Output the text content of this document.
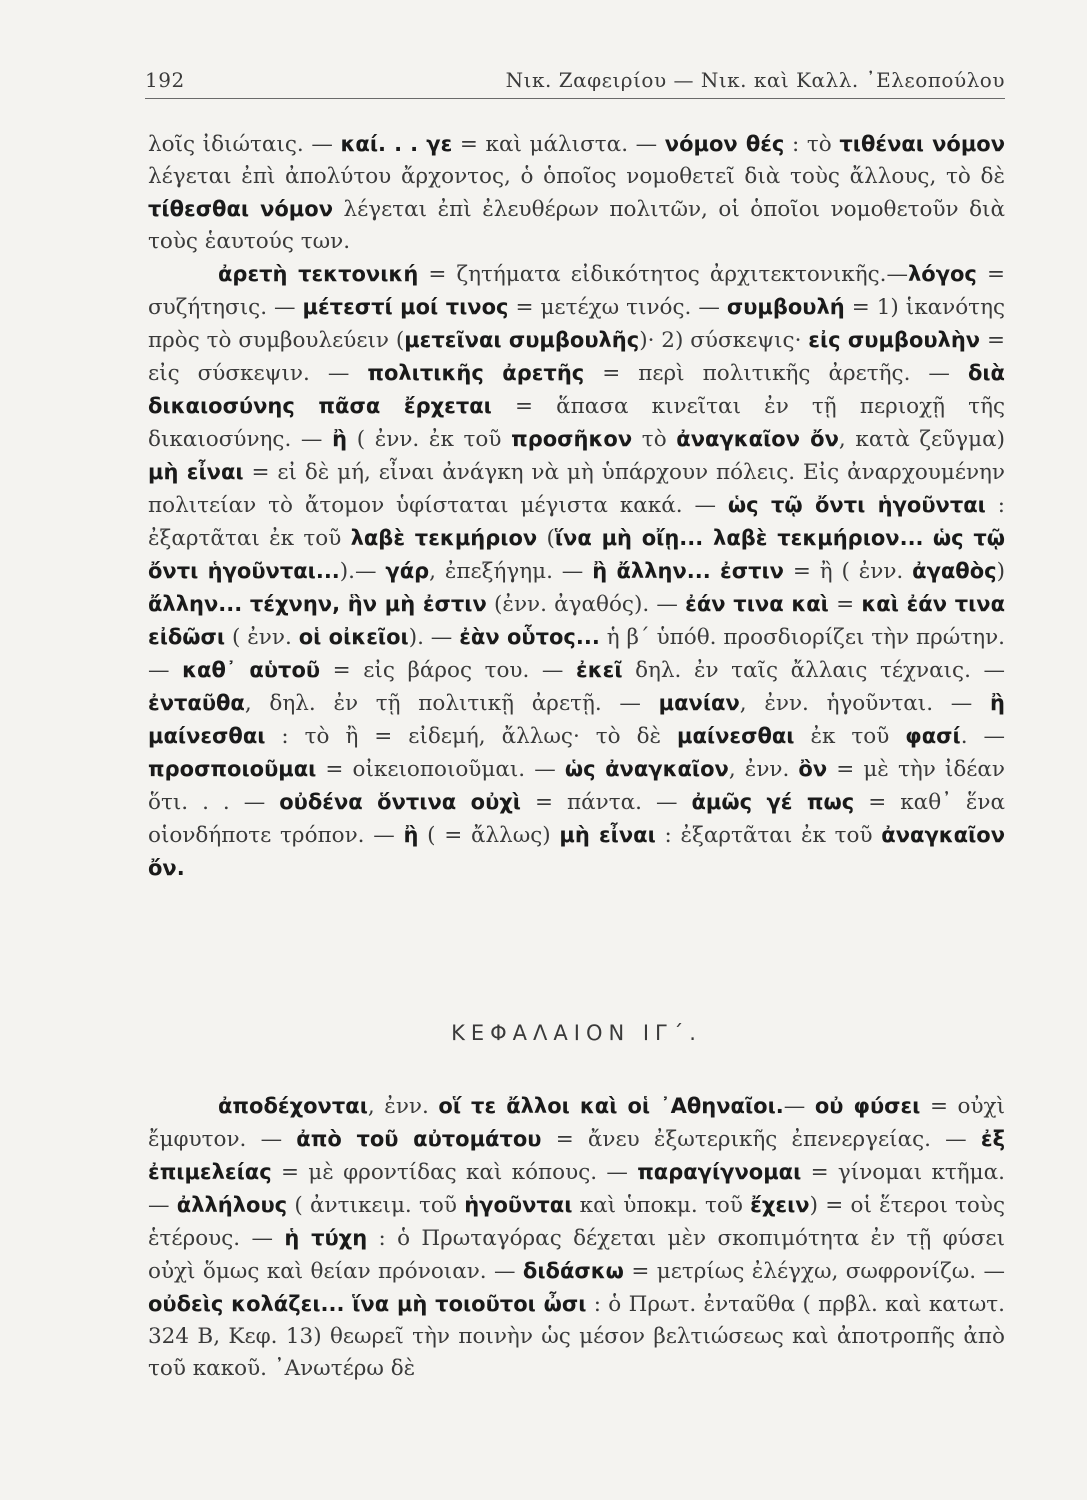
192	Νικ. Ζαφειρίου — Νικ. καὶ Καλλ. ᾿Ελεοπούλου

λοῖς ἰδιώταις. — καί. . . γε = καὶ μάλιστα. — νόμον θές : τὸ τιθέναι νόμον λέγεται ἐπὶ ἀπολύτου ἄρχοντος, ὁ ὁποῖος νομοθετεῖ διὰ τοὺς ἄλλους, τὸ δὲ τίθεσθαι νόμον λέγεται ἐπὶ ἐλευθέρων πολιτῶν, οἱ ὁποῖοι νομοθετοῦν διὰ τοὺς ἑαυτούς των.

ἀρετὴ τεκτονική = ζητήματα εἰδικότητος ἀρχιτεκτονικῆς.—λόγος = συζήτησις. — μέτεστί μοί τινος = μετέχω τινός. — συμβουλή = 1) ἱκανότης πρὸς τὸ συμβουλεύειν (μετεῖναι συμβουλῆς)· 2) σύσκεψις· εἰς συμβουλὴν = εἰς σύσκεψιν. — πολιτικῆς ἀρετῆς = περὶ πολιτικῆς ἀρετῆς. — διὰ δικαιοσύνης πᾶσα ἔρχεται = ἅπασα κινεῖται ἐν τῇ περιοχῇ τῆς δικαιοσύνης. — ἢ ( ἐνν. ἐκ τοῦ προσῆκον τὸ ἀναγκαῖον ὄν, κατὰ ζεῦγμα) μὴ εἶναι = εἰ δὲ μή, εἶναι ἀνάγκη νὰ μὴ ὑπάρχουν πόλεις. Εἰς ἀναρχουμένην πολιτείαν τὸ ἄτομον ὑφίσταται μέγιστα κακά. — ὡς τῷ ὄντι ἡγοῦνται : ἐξαρτᾶται ἐκ τοῦ λαβὲ τεκμήριον (ἵνα μὴ οἴῃ... λαβὲ τεκμήριον... ὡς τῷ ὄντι ἡγοῦνται...).— γάρ, ἐπεξήγημ. — ἢ ἄλλην... ἐστιν = ἢ ( ἐνν. ἀγαθὸς) ἄλλην... τέχνην, ἣν μὴ ἐστιν (ἐνν. ἀγαθός). — ἐάν τινα καὶ = καὶ ἐάν τινα εἰδῶσι ( ἐνν. οἱ οἰκεῖοι). — ἐὰν οὗτος... ἡ β΄ ὑπόθ. προσδιορίζει τὴν πρώτην. — καθ᾿ αὑτοῦ = εἰς βάρος του. — ἐκεῖ δηλ. ἐν ταῖς ἄλλαις τέχναις. — ἐνταῦθα, δηλ. ἐν τῇ πολιτικῇ ἀρετῇ. — μανίαν, ἐνν. ἡγοῦνται. — ἢ μαίνεσθαι : τὸ ἢ = εἰδεμή, ἄλλως· τὸ δὲ μαίνεσθαι ἐκ τοῦ φασί. — προσποιοῦμαι = οἰκειοποιοῦμαι. — ὡς ἀναγκαῖον, ἐνν. ὂν = μὲ τὴν ἰδέαν ὅτι. . . — οὐδένα ὅντινα οὐχὶ = πάντα. — ἀμῶς γέ πως = καθ᾿ ἕνα οἱονδήποτε τρόπον. — ἢ ( = ἄλλως) μὴ εἶναι : ἐξαρτᾶται ἐκ τοῦ ἀναγκαῖον ὄν.

ΚΕΦΑΛΑΙΟΝ ΙΓ΄.

ἀποδέχονται, ἐνν. οἵ τε ἄλλοι καὶ οἱ ᾿Αθηναῖοι.— οὐ φύσει = οὐχὶ ἔμφυτον. — ἀπὸ τοῦ αὐτομάτου = ἄνευ ἐξωτερικῆς ἐπενεργείας. — ἐξ ἐπιμελείας = μὲ φροντίδας καὶ κόπους. — παραγίγνομαι = γίνομαι κτῆμα. — ἀλλήλους ( ἀντικειμ. τοῦ ἡγοῦνται καὶ ὑποκμ. τοῦ ἔχειν) = οἱ ἕτεροι τοὺς ἑτέρους. — ἡ τύχη : ὁ Πρωταγόρας δέχεται μὲν σκοπιμότητα ἐν τῇ φύσει οὐχὶ ὅμως καὶ θείαν πρόνοιαν. — διδάσκω = μετρίως ἐλέγχω, σωφρονίζω. — οὐδεὶς κολάζει... ἵνα μὴ τοιοῦτοι ὦσι : ὁ Πρωτ. ἐνταῦθα ( πρβλ. καὶ κατωτ. 324 Β, Κεφ. 13) θεωρεῖ τὴν ποινὴν ὡς μέσον βελτιώσεως καὶ ἀποτροπῆς ἀπὸ τοῦ κακοῦ. ᾿Ανωτέρω δὲ
